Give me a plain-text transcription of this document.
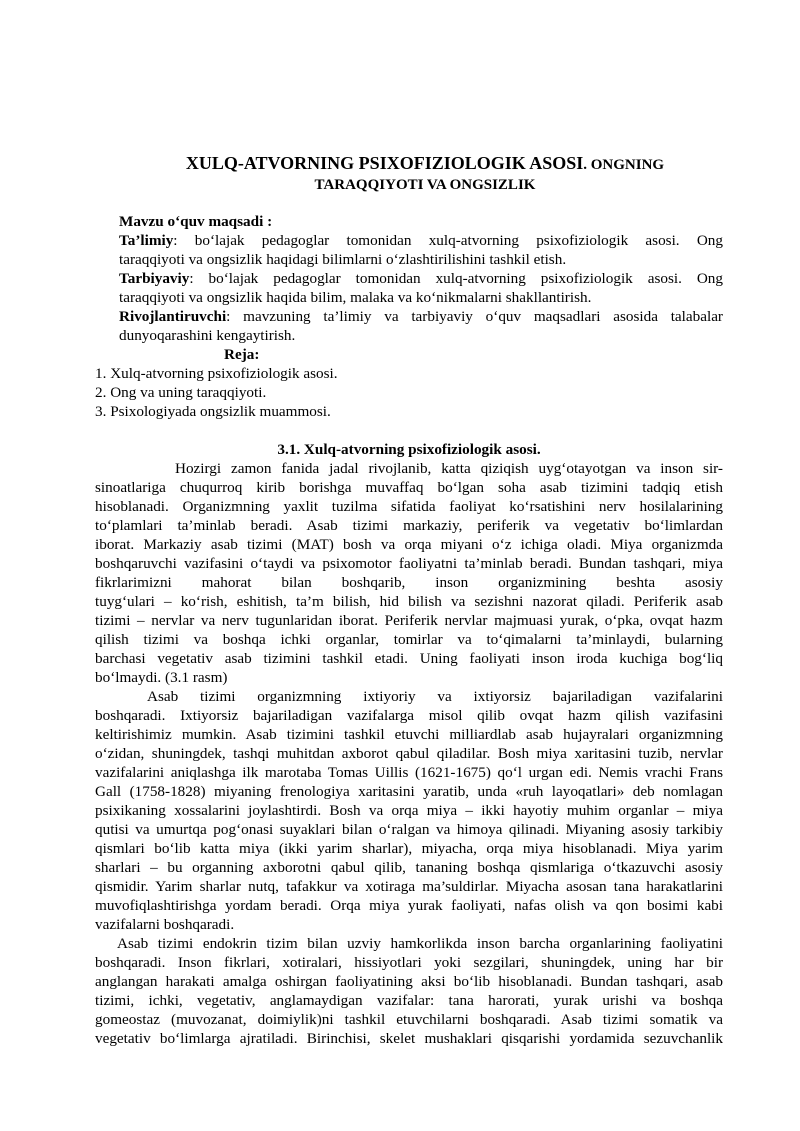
XULQ-ATVORNING PSIXOFIZIOLOGIK ASOSI. ONGNING
TARAQQIYOTI VA ONGSIZLIK
Mavzu o‘quv maqsadi :
Ta’limiy: bo‘lajak pedagoglar tomonidan xulq-atvorning psixofiziologik asosi. Ong
taraqqiyoti va ongsizlik haqidagi bilimlarni o‘zlashtirilishini tashkil etish.
Tarbiyaviy: bo‘lajak pedagoglar tomonidan xulq-atvorning psixofiziologik asosi. Ong
taraqqiyoti va ongsizlik haqida bilim, malaka va ko‘nikmalarni shakllantirish.
Rivojlantiruvchi: mavzuning ta’limiy va tarbiyaviy o‘quv maqsadlari asosida talabalar
dunyoqarashini kengaytirish.
Reja:
1. Xulq-atvorning psixofiziologik asosi.
2. Ong va uning taraqqiyoti.
3. Psixologiyada ongsizlik muammosi.
3.1. Xulq-atvorning psixofiziologik asosi.
Hozirgi zamon fanida jadal rivojlanib, katta qiziqish uyg‘otayotgan va inson sir-
sinoatlariga chuqurroq kirib borishga muvaffaq bo‘lgan soha asab tizimini tadqiq etish
hisoblanadi. Organizmning yaxlit tuzilma sifatida faoliyat ko‘rsatishini nerv hosilalarining
to‘plamlari ta’minlab beradi. Asab tizimi markaziy, periferik va vegetativ bo‘limlardan
iborat. Markaziy asab tizimi (MAT) bosh va orqa miyani o‘z ichiga oladi. Miya organizmda
boshqaruvchi vazifasini o‘taydi va psixomotor faoliyatni ta’minlab beradi. Bundan tashqari, miya
fikrlarimizni mahorat bilan boshqarib, inson organizmining beshta asosiy
tuyg‘ulari – ko‘rish, eshitish, ta’m bilish, hid bilish va sezishni nazorat qiladi. Periferik asab
tizimi – nervlar va nerv tugunlaridan iborat. Periferik nervlar majmuasi yurak, o‘pka, ovqat hazm
qilish tizimi va boshqa ichki organlar, tomirlar va to‘qimalarni ta’minlaydi, bularning
barchasi vegetativ asab tizimini tashkil etadi. Uning faoliyati inson iroda kuchiga bog‘liq
bo‘lmaydi. (3.1 rasm)
Asab tizimi organizmning ixtiyoriy va ixtiyorsiz bajariladigan vazifalarini
boshqaradi. Ixtiyorsiz bajariladigan vazifalarga misol qilib ovqat hazm qilish vazifasini
keltirishimiz mumkin. Asab tizimini tashkil etuvchi milliardlab asab hujayralari organizmning
o‘zidan, shuningdek, tashqi muhitdan axborot qabul qiladilar. Bosh miya xaritasini tuzib, nervlar
vazifalarini aniqlashga ilk marotaba Tomas Uillis (1621-1675) qo‘l urgan edi. Nemis vrachi Frans
Gall (1758-1828) miyaning frenologiya xaritasini yaratib, unda «ruh layoqatlari» deb nomlagan
psixikaning xossalarini joylashtirdi. Bosh va orqa miya – ikki hayotiy muhim organlar – miya
qutisi va umurtqa pog‘onasi suyaklari bilan o‘ralgan va himoya qilinadi. Miyaning asosiy tarkibiy
qismlari bo‘lib katta miya (ikki yarim sharlar), miyacha, orqa miya hisoblanadi. Miya yarim
sharlari – bu organning axborotni qabul qilib, tananing boshqa qismlariga o‘tkazuvchi asosiy
qismidir. Yarim sharlar nutq, tafakkur va xotiraga ma’suldirlar. Miyacha asosan tana harakatlarini
muvofiqlashtirishga yordam beradi. Orqa miya yurak faoliyati, nafas olish va qon bosimi kabi
vazifalarni boshqaradi.
Asab tizimi endokrin tizim bilan uzviy hamkorlikda inson barcha organlarining faoliyatini
boshqaradi. Inson fikrlari, xotiralari, hissiyotlari yoki sezgilari, shuningdek, uning har bir
anglangan harakati amalga oshirgan faoliyatining aksi bo‘lib hisoblanadi. Bundan tashqari, asab
tizimi, ichki, vegetativ, anglamaydigan vazifalar: tana harorati, yurak urishi va boshqa
gomeostaz (muvozanat, doimiylik)ni tashkil etuvchilarni boshqaradi. Asab tizimi somatik va
vegetativ bo‘limlarga ajratiladi. Birinchisi, skelet mushaklari qisqarishi yordamida sezuvchanlik
